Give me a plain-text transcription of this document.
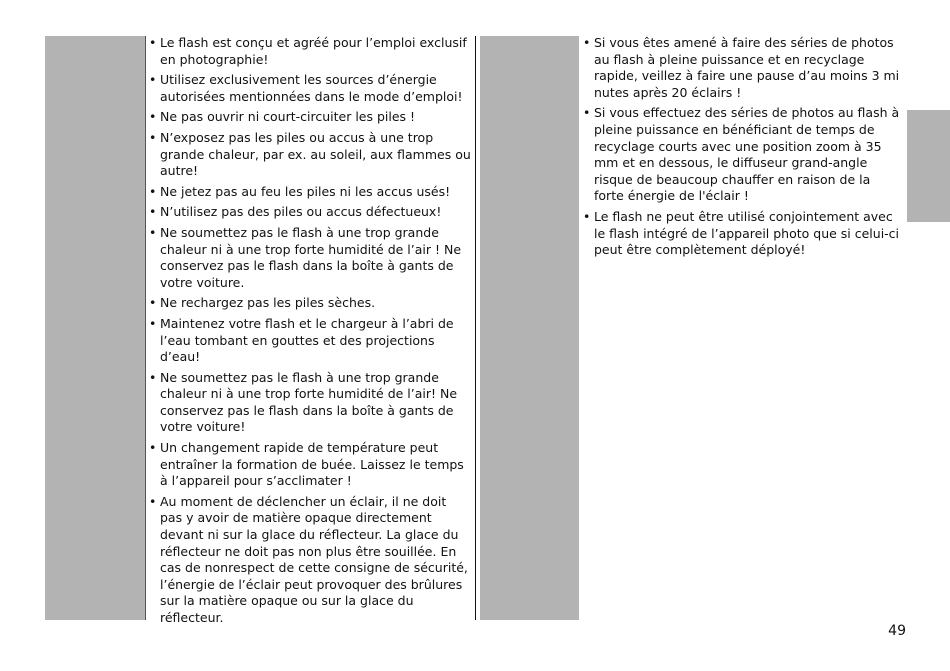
• Le flash est conçu et agréé pour l’emploi exclusif en photographie!
• Utilisez exclusivement les sources d’énergie autorisées mentionnées dans le mode d’emploi!
• Ne pas ouvrir ni court-circuiter les piles !
• N’exposez pas les piles ou accus à une trop grande chaleur, par ex. au soleil, aux flammes ou autre!
• Ne jetez pas au feu les piles ni les accus usés!
• N’utilisez pas des piles ou accus défectueux!
• Ne soumettez pas le flash à une trop grande chaleur ni à une trop forte humidité de l’air ! Ne conservez pas le flash dans la boîte à gants de votre voiture.
• Ne rechargez pas les piles sèches.
• Maintenez votre flash et le chargeur à l’abri de l’eau tombant en gouttes et des projections d’eau!
• Ne soumettez pas le flash à une trop grande chaleur ni à une trop forte humidité de l’air! Ne conservez pas le flash dans la boîte à gants de votre voiture!
• Un changement rapide de température peut entraîner la formation de buée. Laissez le temps à l’appareil pour s’acclimater !
• Au moment de déclencher un éclair, il ne doit pas y avoir de matière opaque directement devant ni sur la glace du réflecteur. La glace du réflecteur ne doit pas non plus être souillée. En cas de nonrespect de cette consigne de sécurité, l’énergie de l’éclair peut provoquer des brûlures sur la matière opaque ou sur la glace du réflecteur.
• Si vous êtes amené à faire des séries de photos au flash à pleine puissance et en recyclage rapide, veillez à faire une pause d’au moins 3 mi nutes après 20 éclairs !
• Si vous effectuez des séries de photos au flash à pleine puissance en bénéficiant de temps de recyclage courts avec une position zoom à 35 mm et en dessous, le diffuseur grand-angle risque de beaucoup chauffer en raison de la forte énergie de l'éclair !
• Le flash ne peut être utilisé conjointement avec le flash intégré de l’appareil photo que si celui-ci peut être complètement déployé!
49
